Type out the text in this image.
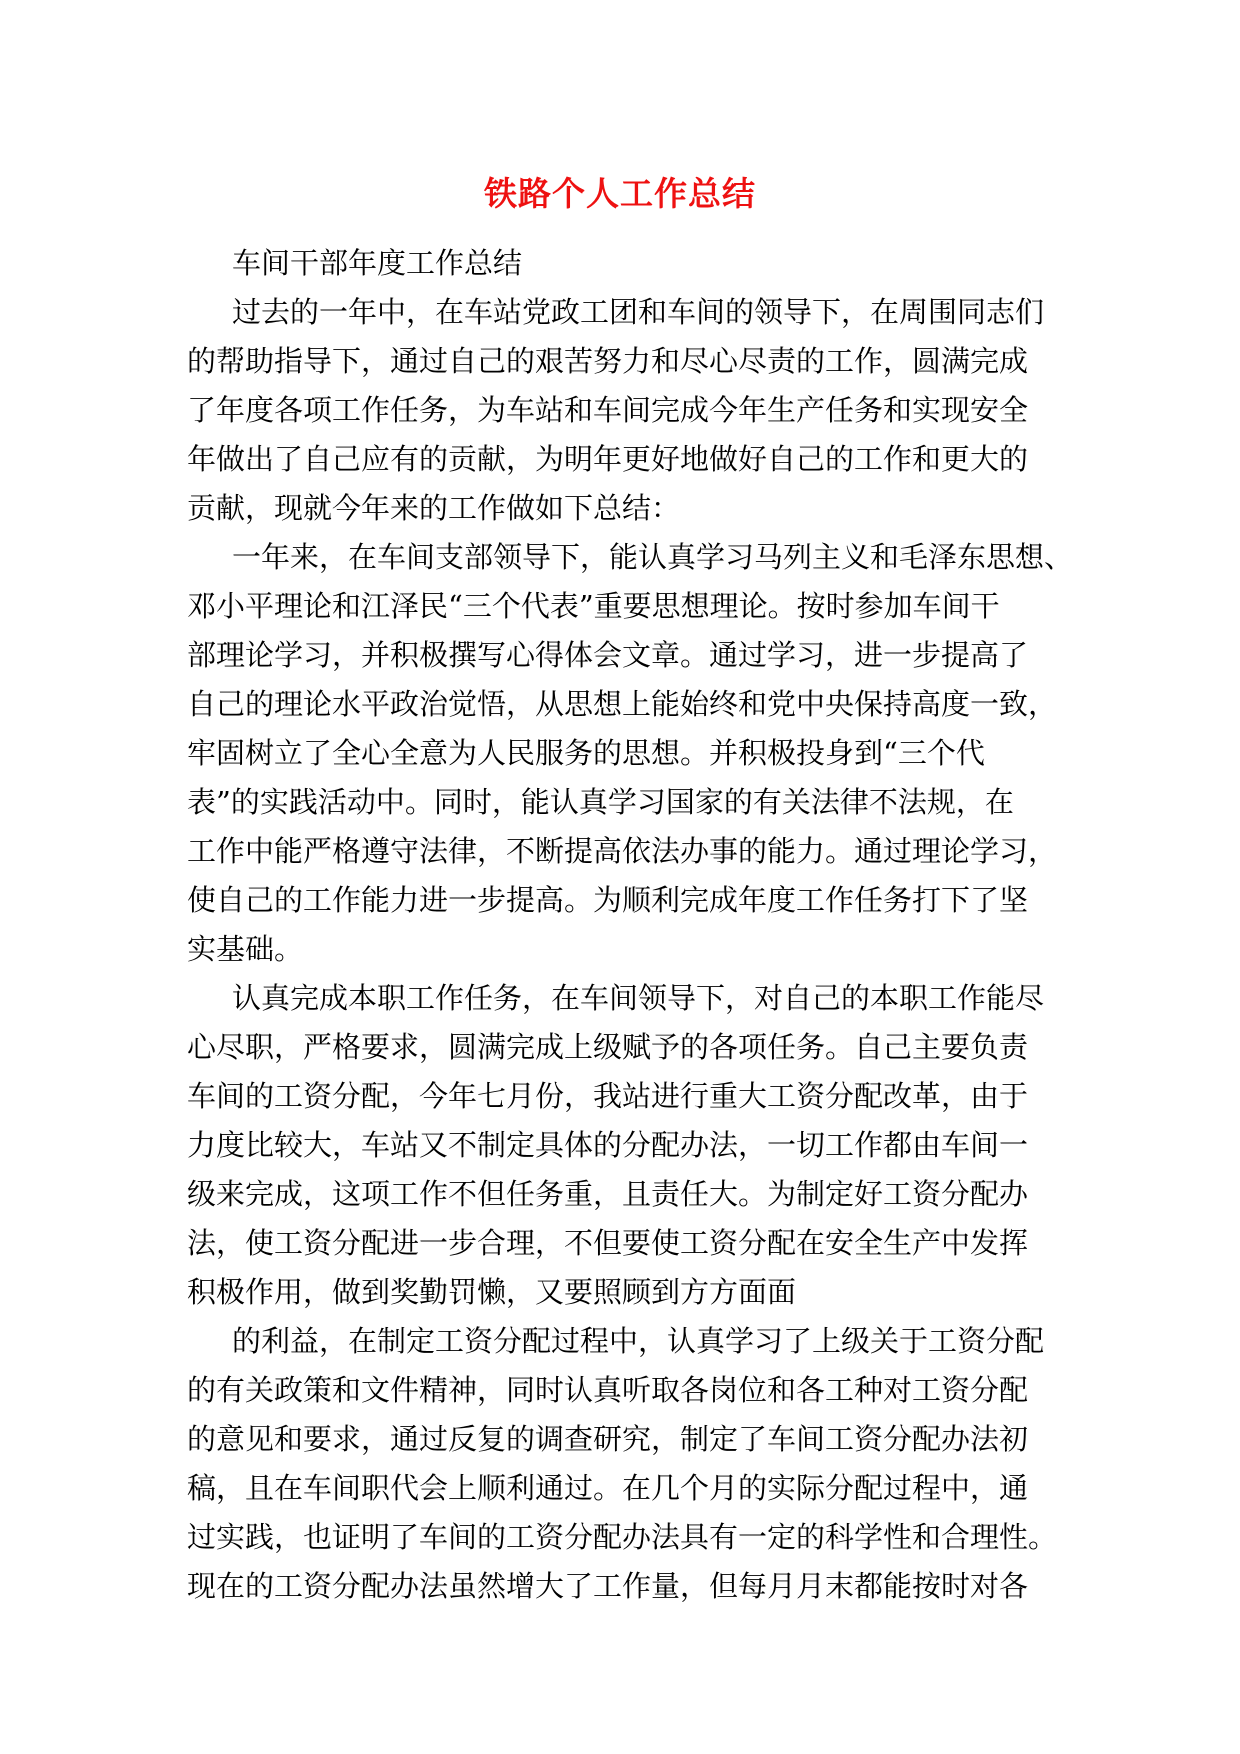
铁路个人工作总结

车间干部年度工作总结

过去的一年中，在车站党政工团和车间的领导下，在周围同志们

的帮助指导下，通过自己的艰苦努力和尽心尽责的工作，圆满完成

了年度各项工作任务，为车站和车间完成今年生产任务和实现安全

年做出了自己应有的贡献，为明年更好地做好自己的工作和更大的

贡献，现就今年来的工作做如下总结：

一年来，在车间支部领导下，能认真学习马列主义和毛泽东思想、

邓小平理论和江泽民“三个代表”重要思想理论。按时参加车间干

部理论学习，并积极撰写心得体会文章。通过学习，进一步提高了

自己的理论水平政治觉悟，从思想上能始终和党中央保持高度一致，

牢固树立了全心全意为人民服务的思想。并积极投身到“三个代

表”的实践活动中。同时，能认真学习国家的有关法律不法规，在

工作中能严格遵守法律，不断提高依法办事的能力。通过理论学习，

使自己的工作能力进一步提高。为顺利完成年度工作任务打下了坚

实基础。

认真完成本职工作任务，在车间领导下，对自己的本职工作能尽

心尽职，严格要求，圆满完成上级赋予的各项任务。自己主要负责

车间的工资分配，今年七月份，我站进行重大工资分配改革，由于

力度比较大，车站又不制定具体的分配办法，一切工作都由车间一

级来完成，这项工作不但任务重，且责任大。为制定好工资分配办

法，使工资分配进一步合理，不但要使工资分配在安全生产中发挥

积极作用，做到奖勤罚懒，又要照顾到方方面面

的利益，在制定工资分配过程中，认真学习了上级关于工资分配

的有关政策和文件精神，同时认真听取各岗位和各工种对工资分配

的意见和要求，通过反复的调查研究，制定了车间工资分配办法初

稿，且在车间职代会上顺利通过。在几个月的实际分配过程中，通

过实践，也证明了车间的工资分配办法具有一定的科学性和合理性。

现在的工资分配办法虽然增大了工作量，但每月月末都能按时对各
